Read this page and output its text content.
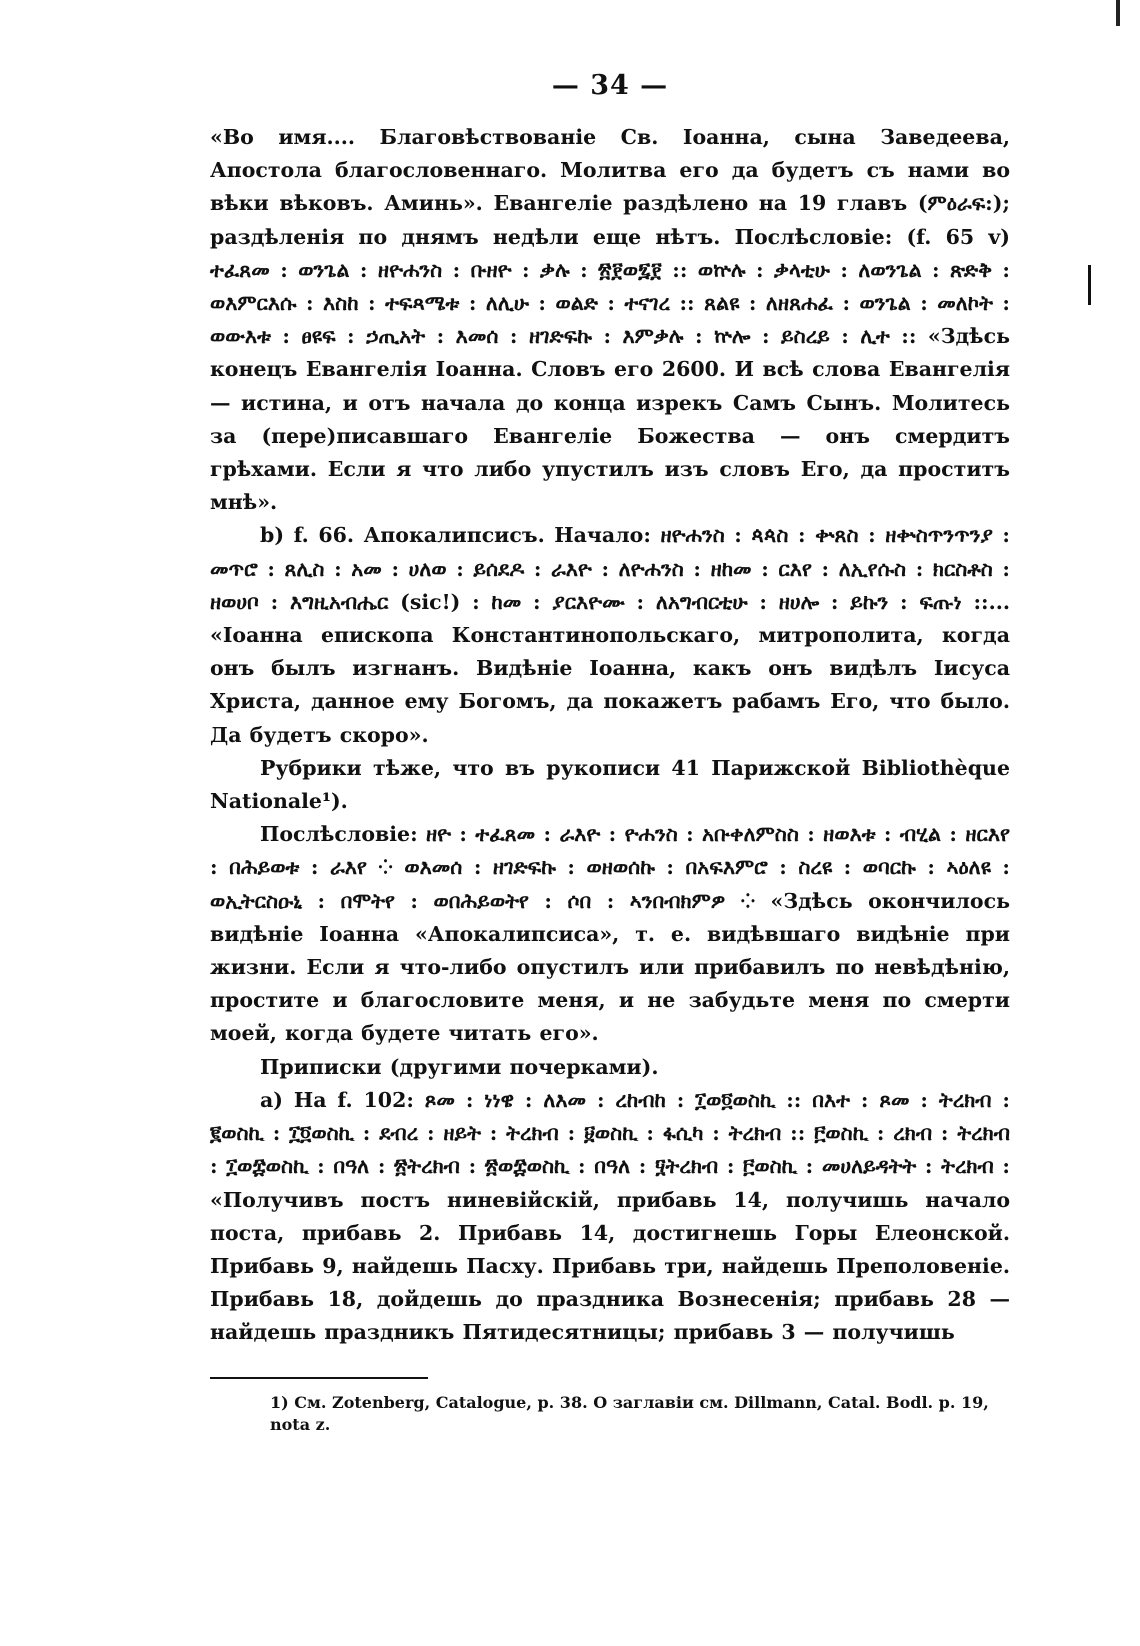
— 34 —

«Во имя.... Благовѣствованіе Св. Іоанна, сына Заведеева, Апостола благословеннаго. Молитва его да будетъ съ нами во вѣки вѣковъ. Аминь». Евангеліе раздѣлено на 19 главъ (ምዕራፍ:); раздѣленія по днямъ недѣли еще нѣтъ. Послѣсловіе: (f. 65 v) ተፈጸመ : ወንጌል : ዘዮሐንስ : ቡዘዮ : ቃሉ : ፳፻ወ፯፻ :: ወኵሉ : ቃላቲሁ : ለወንጌል : ጽድቅ : ወእምርእሱ : እስከ : ተፍጻሜቱ : ለሊሁ : ወልድ : ተናገረ :: ጸልዩ : ለዘጸሐፈ : ወንጌል : መለኮት : ወውእቱ : ፀዩፍ : ኃጢአት : እመሰ : ዘገድፍኩ : እምቃሉ : ኵሎ : ይስረይ : ሊተ :: «Здѣсь конецъ Евангелія Іоанна. Словъ его 2600. И всѣ слова Евангелія — истина, и отъ начала до конца изрекъ Самъ Сынъ. Молитесь за (пере)писавшаго Евангеліе Божества — онъ смердитъ грѣхами. Если я что либо упустилъ изъ словъ Его, да проститъ мнѣ».

b) f. 66. Апокалипсисъ. Начало: ዘዮሐንስ : ጳጳስ : ቍጸስ : ዘቍስጥንጥንያ : መጥሮ : ጸሊስ : አመ : ሀለወ : ይሰደዶ : ራእዮ : ለዮሐንስ : ዘከመ : ርእየ : ለኢየሱስ : ክርስቶስ : ዘወሀቦ : እግዚአብሔር (sic!) : ከመ : ያርእዮሙ : ለአግብርቲሁ : ዘሀሎ : ይኩን : ፍጡነ ::... «Іоанна епископа Константинопольскаго, митрополита, когда онъ былъ изгнанъ. Видѣніе Іоанна, какъ онъ видѣлъ Іисуса Христа, данное ему Богомъ, да покажетъ рабамъ Его, что было. Да будетъ скоро».

Рубрики тѣже, что въ рукописи 41 Парижской Bibliothèque Nationale¹).

Послѣсловіе: ዘዮ : ተፈጸመ : ራእዮ : ዮሐንስ : አቡቀለምስስ : ዘወእቱ : ብሂል : ዘርእየ : በሕይወቱ : ራእየ ⁘ ወእመሰ : ዘገድፍኩ : ወዘወሰኩ : በአፍእምሮ : ስረዩ : ወባርኩ : ኣዕለዩ : ወኢትርስዑኒ : በሞትየ : ወበሕይወትየ : ሶበ : ኣንበብክምዎ ⁘ «Здѣсь окончилось видѣніе Іоанна «Апокалипсиса», т. е. видѣвшаго видѣніе при жизни. Если я что-либо опустилъ или прибавилъ по невѣдѣнію, простите и благословите меня, и не забудьте меня по смерти моей, когда будете читать его».

Приписки (другими почерками).

a) На f. 102: ጾመ : ነነዌ : ለእመ : ረከብከ : ፲ወ፬ወስኪ :: በእተ : ጾመ : ትረክብ : ፪ወስኪ : ፲፬ወስኪ : ደብረ : ዘይት : ትረክብ : ፱ወስኪ : ፋሲካ : ትረክብ :: ፫ወስኪ : ረክብ : ትረክብ : ፲ወ፰ወስኪ : በዓለ : ፳ትረክብ : ፳ወ፰ወስኪ : በዓለ : ፶ትረክብ : ፫ወስኪ : መሀለይዳትት : ትረክብ : «Получивъ постъ ниневійскій, прибавь 14, получишь начало поста, прибавь 2. Прибавь 14, достигнешь Горы Елеонской. Прибавь 9, найдешь Пасху. Прибавь три, найдешь Преполовеніе. Прибавь 18, дойдешь до праздника Вознесенія; прибавь 28 — найдешь праздникъ Пятидесятницы; прибавь 3 — получишь

1) См. Zotenberg, Catalogue, p. 38. О заглавіи см. Dillmann, Catal. Bodl. p. 19, nota z.
